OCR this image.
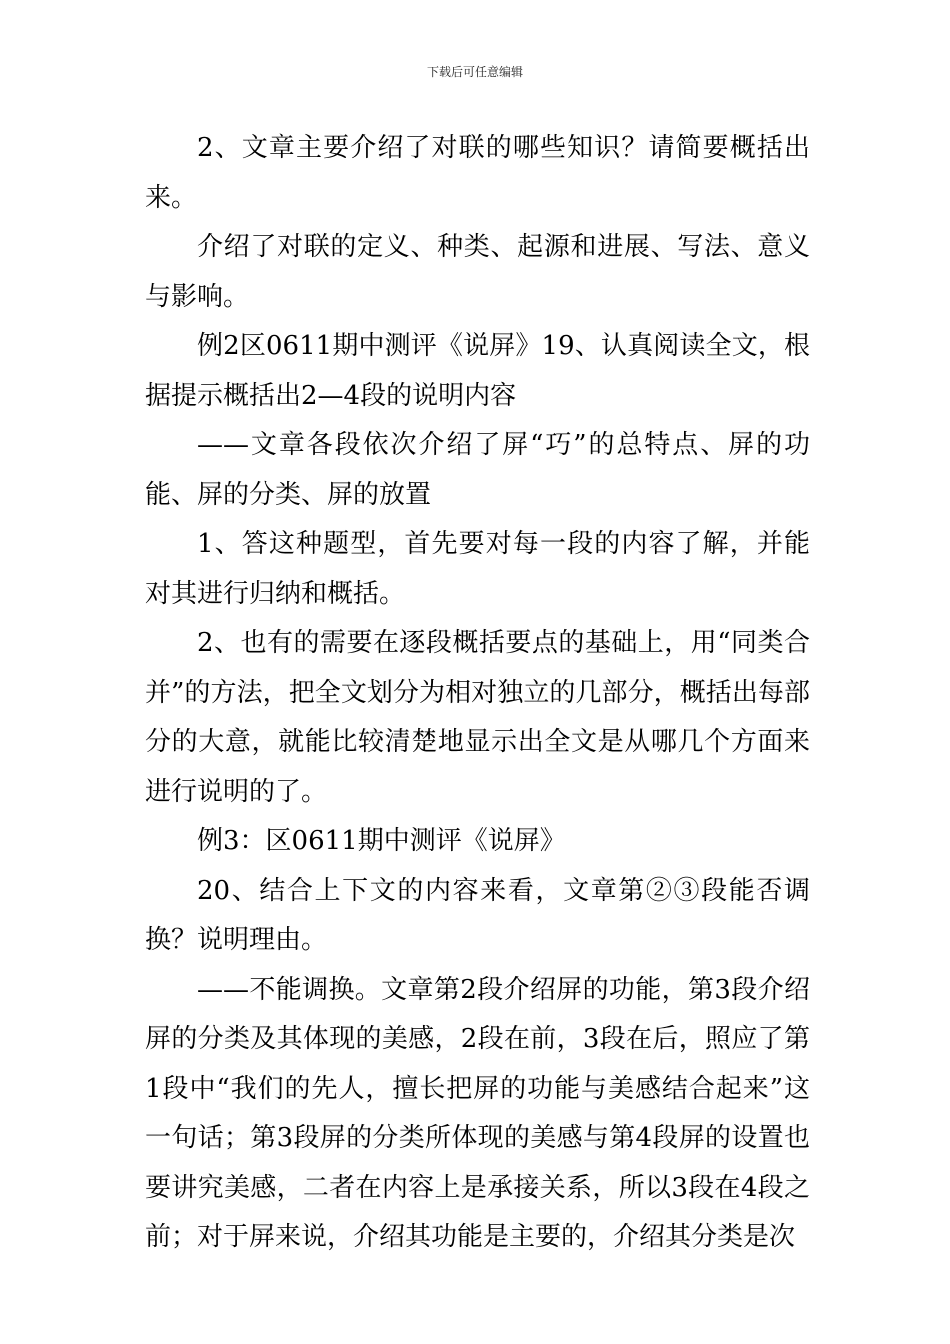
下载后可任意编辑

2、文章主要介绍了对联的哪些知识？请简要概括出来。

介绍了对联的定义、种类、起源和进展、写法、意义与影响。

例2区0611期中测评《说屏》19、认真阅读全文，根据提示概括出2—4段的说明内容

——文章各段依次介绍了屏“巧”的总特点、屏的功能、屏的分类、屏的放置

1、答这种题型，首先要对每一段的内容了解，并能对其进行归纳和概括。

2、也有的需要在逐段概括要点的基础上，用“同类合并”的方法，把全文划分为相对独立的几部分，概括出每部分的大意，就能比较清楚地显示出全文是从哪几个方面来进行说明的了。

例3：区0611期中测评《说屏》

20、结合上下文的内容来看，文章第②③段能否调换？说明理由。

——不能调换。文章第2段介绍屏的功能，第3段介绍屏的分类及其体现的美感，2段在前，3段在后，照应了第1段中“我们的先人，擅长把屏的功能与美感结合起来”这一句话；第3段屏的分类所体现的美感与第4段屏的设置也要讲究美感，二者在内容上是承接关系，所以3段在4段之前；对于屏来说，介绍其功能是主要的，介绍其分类是次
